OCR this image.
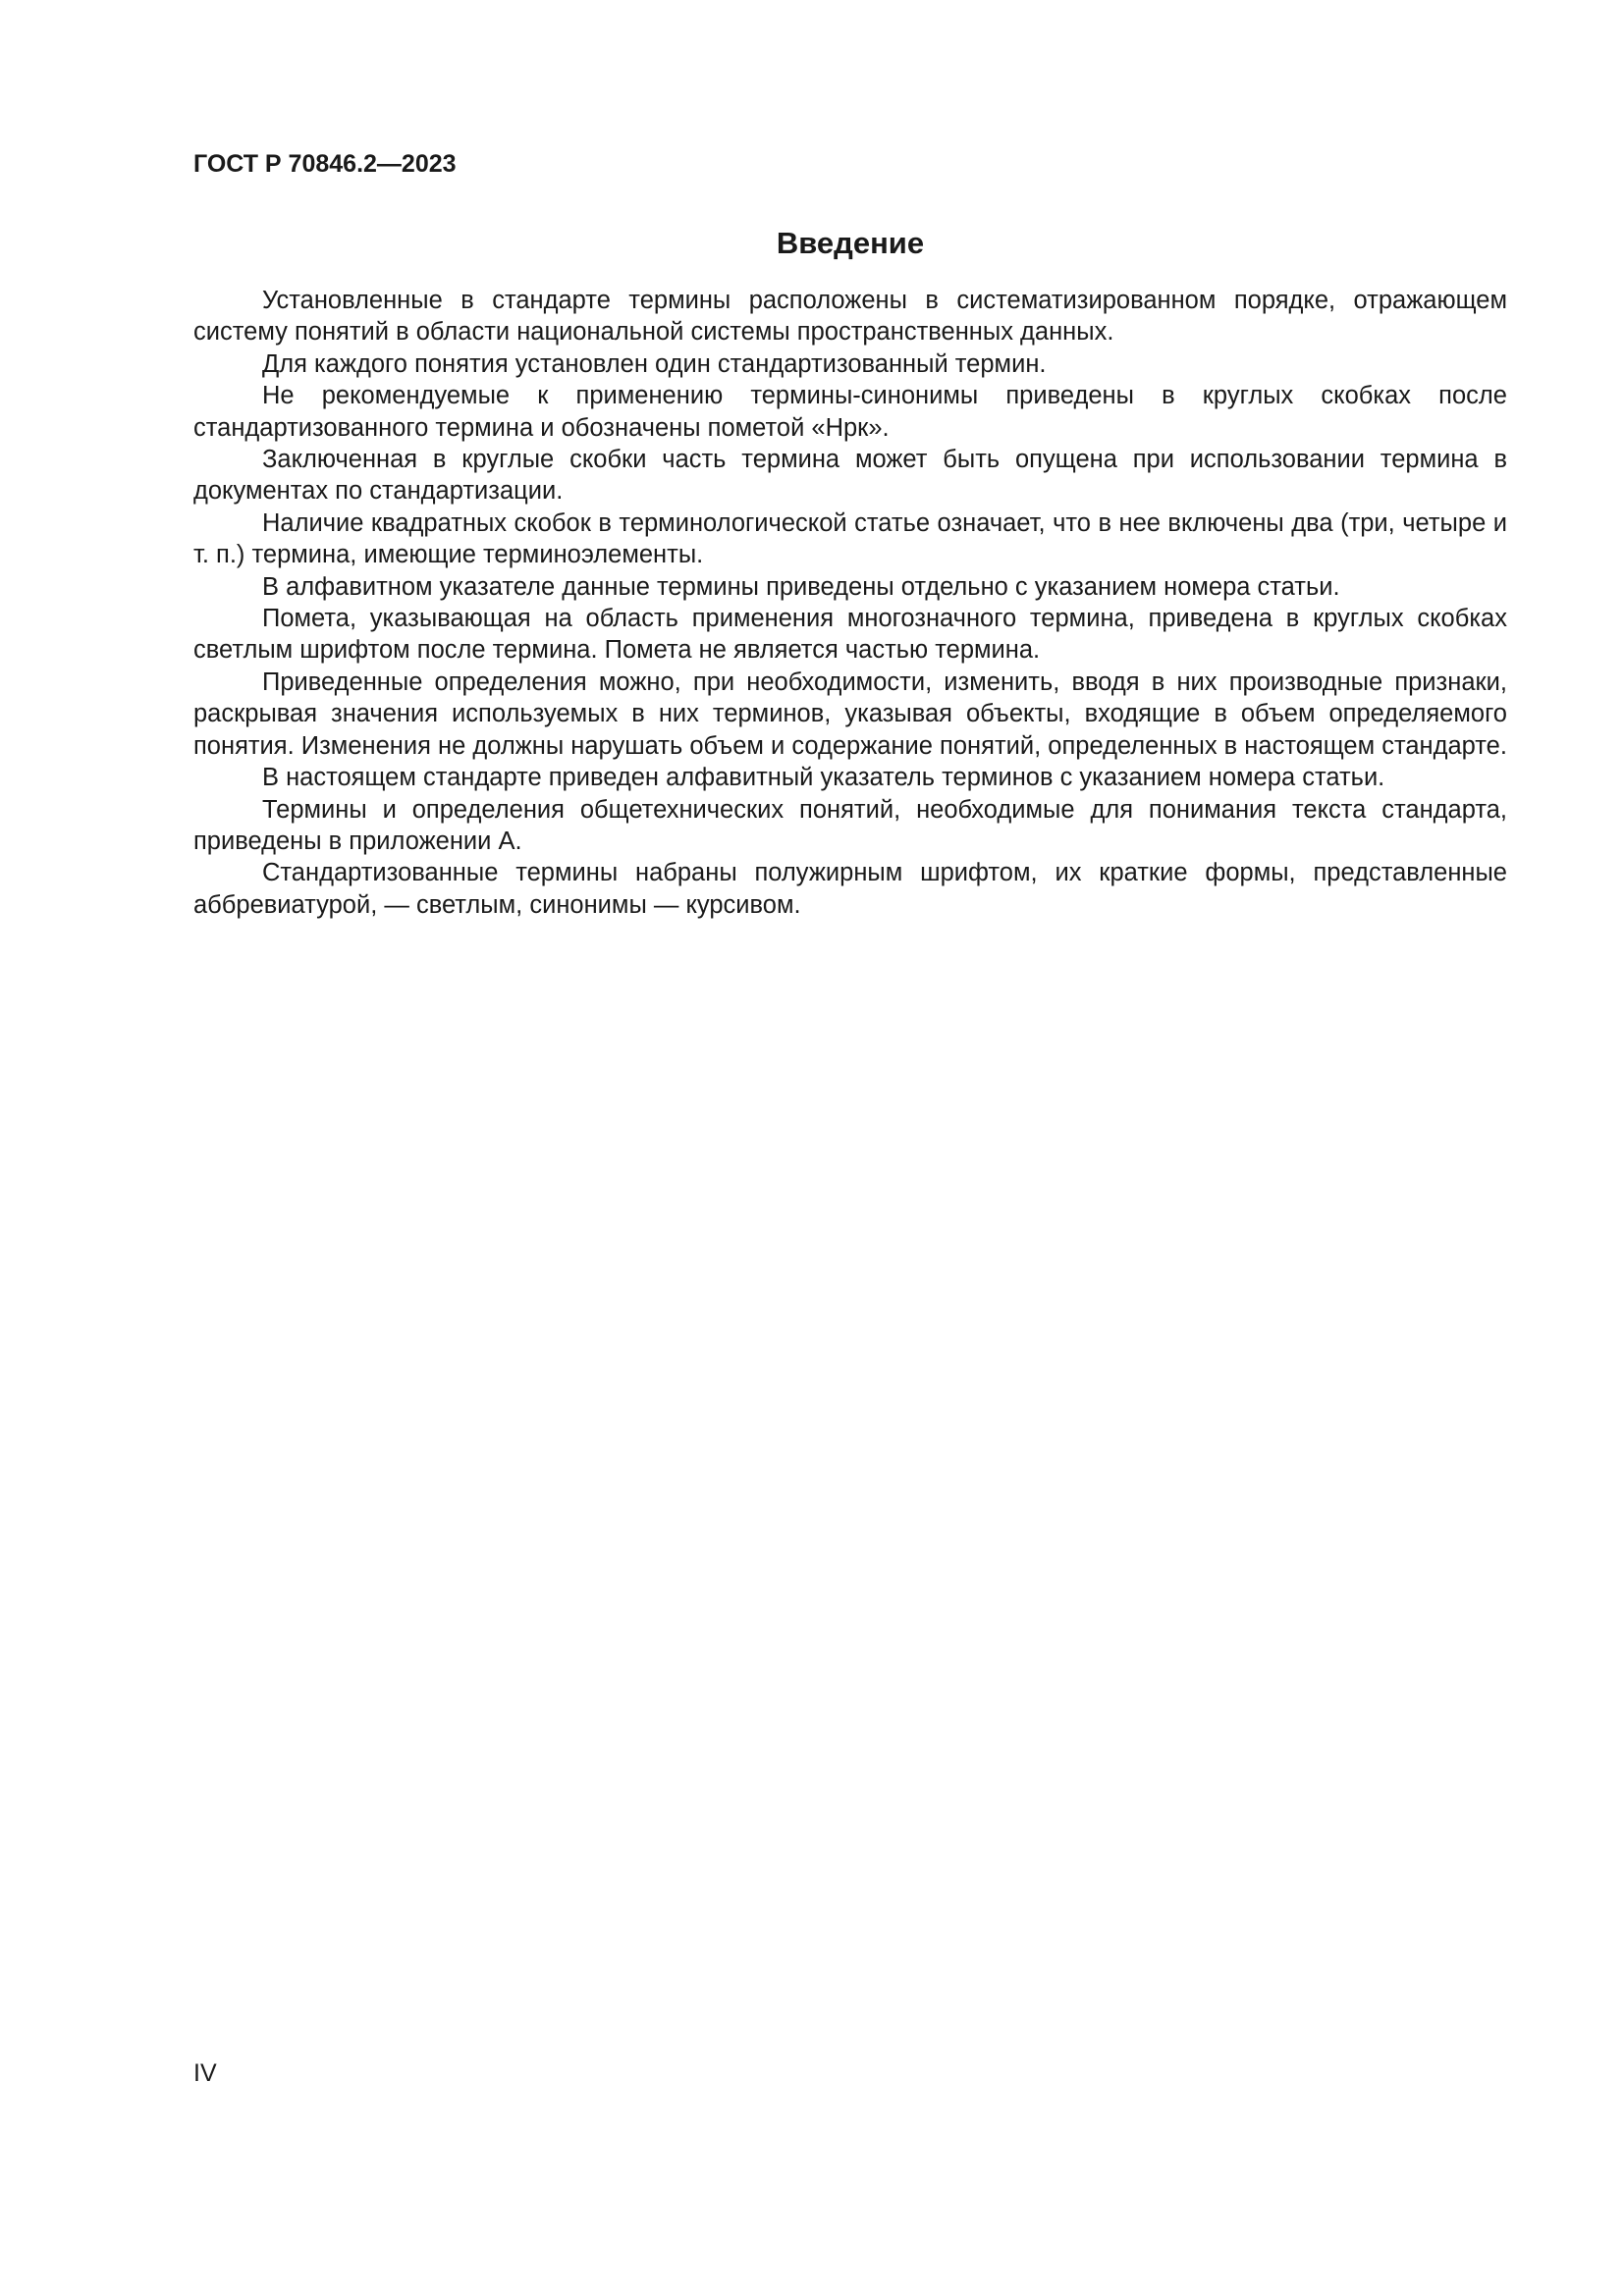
ГОСТ Р 70846.2—2023
Введение

Установленные в стандарте термины расположены в систематизированном порядке, отражающем систему понятий в области национальной системы пространственных данных.

Для каждого понятия установлен один стандартизованный термин.

Не рекомендуемые к применению термины-синонимы приведены в круглых скобках после стандартизованного термина и обозначены пометой «Нрк».

Заключенная в круглые скобки часть термина может быть опущена при использовании термина в документах по стандартизации.

Наличие квадратных скобок в терминологической статье означает, что в нее включены два (три, четыре и т. п.) термина, имеющие терминоэлементы.

В алфавитном указателе данные термины приведены отдельно с указанием номера статьи.

Помета, указывающая на область применения многозначного термина, приведена в круглых скобках светлым шрифтом после термина. Помета не является частью термина.

Приведенные определения можно, при необходимости, изменить, вводя в них производные признаки, раскрывая значения используемых в них терминов, указывая объекты, входящие в объем определяемого понятия. Изменения не должны нарушать объем и содержание понятий, определенных в настоящем стандарте.

В настоящем стандарте приведен алфавитный указатель терминов с указанием номера статьи.

Термины и определения общетехнических понятий, необходимые для понимания текста стандарта, приведены в приложении А.

Стандартизованные термины набраны полужирным шрифтом, их краткие формы, представленные аббревиатурой, — светлым, синонимы — курсивом.

IV
